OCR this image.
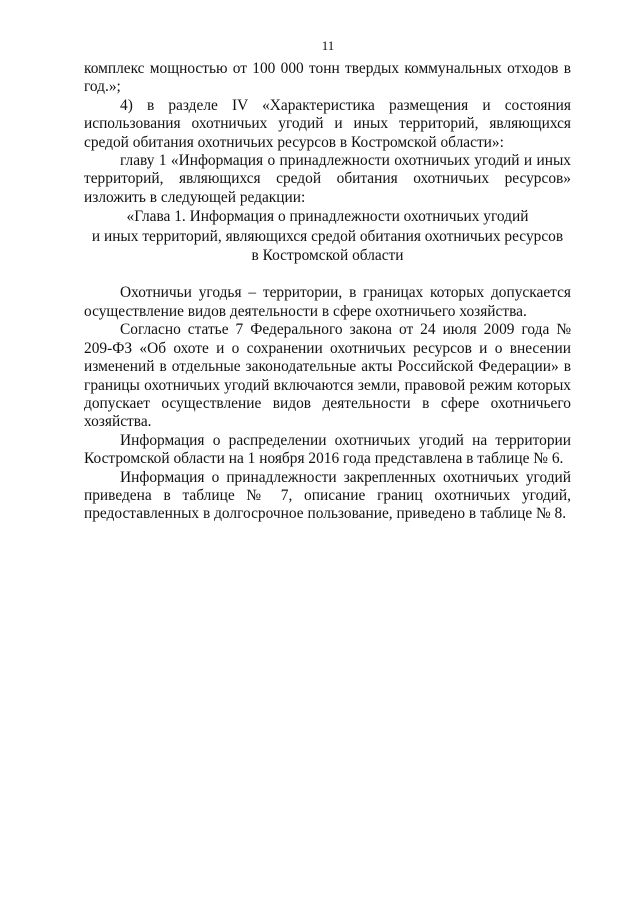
11

комплекс мощностью от 100 000 тонн твердых коммунальных отходов в год.»;

4) в разделе IV «Характеристика размещения и состояния использования охотничьих угодий и иных территорий, являющихся средой обитания охотничьих ресурсов в Костромской области»:

главу 1 «Информация о принадлежности охотничьих угодий и иных территорий, являющихся средой обитания охотничьих ресурсов» изложить в следующей редакции:

«Глава 1. Информация о принадлежности охотничьих угодий

и иных территорий, являющихся средой обитания охотничьих ресурсов

в Костромской области

Охотничьи угодья – территории, в границах которых допускается осуществление видов деятельности в сфере охотничьего хозяйства.

Согласно статье 7 Федерального закона от 24 июля 2009 года № 209-ФЗ «Об охоте и о сохранении охотничьих ресурсов и о внесении изменений в отдельные законодательные акты Российской Федерации» в границы охотничьих угодий включаются земли, правовой режим которых допускает осуществление видов деятельности в сфере охотничьего хозяйства.

Информация о распределении охотничьих угодий на территории Костромской области на 1 ноября 2016 года представлена в таблице № 6.

Информация о принадлежности закрепленных охотничьих угодий приведена в таблице № 7, описание границ охотничьих угодий, предоставленных в долгосрочное пользование, приведено в таблице № 8.
